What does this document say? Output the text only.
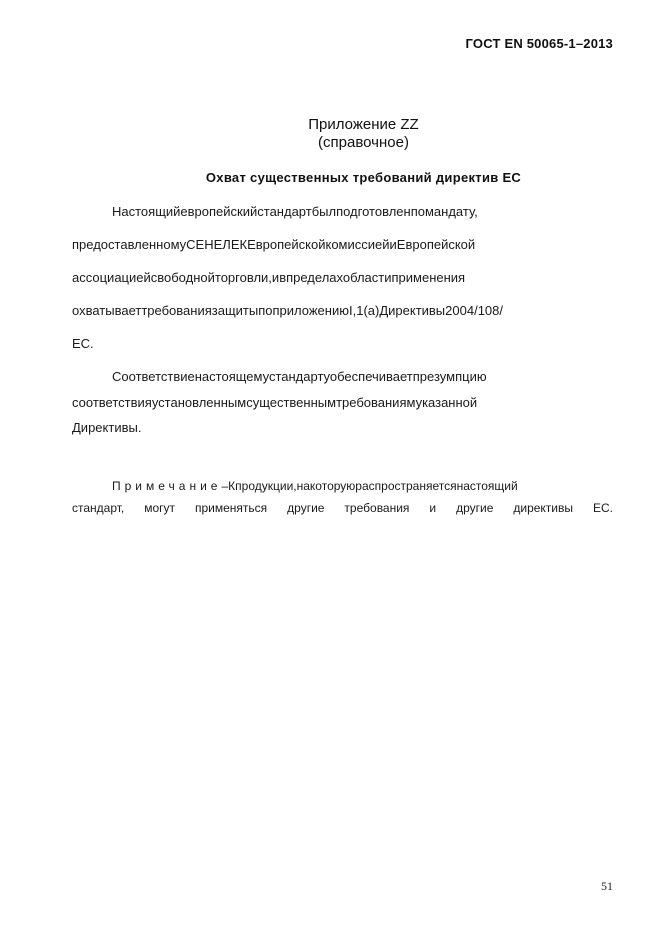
ГОСТ EN 50065-1–2013
Приложение ZZ
(справочное)
Охват существенных требований директив ЕС
Настоящийевропейскийстандартбылподготовленпомандату,
предоставленномуСЕНЕЛЕКЕвропейскойкомиссиейиЕвропейской
ассоциациейсвободнойторговли,ивпределахобластиприменения
охватываеттребованиязащитыпоприложениюI,1(а)Директивы2004/108/
ЕС.
Соответствиенастоящемустандартуобеспечиваетпрезумпцию
соответствияустановленнымсущественнымтребованиямуказанной
Директивы.
Примечание–Кпродукции,накоторуюраспространяетсянастоящий
стандарт, могут применяться другие требования и другие директивы ЕС.
51
